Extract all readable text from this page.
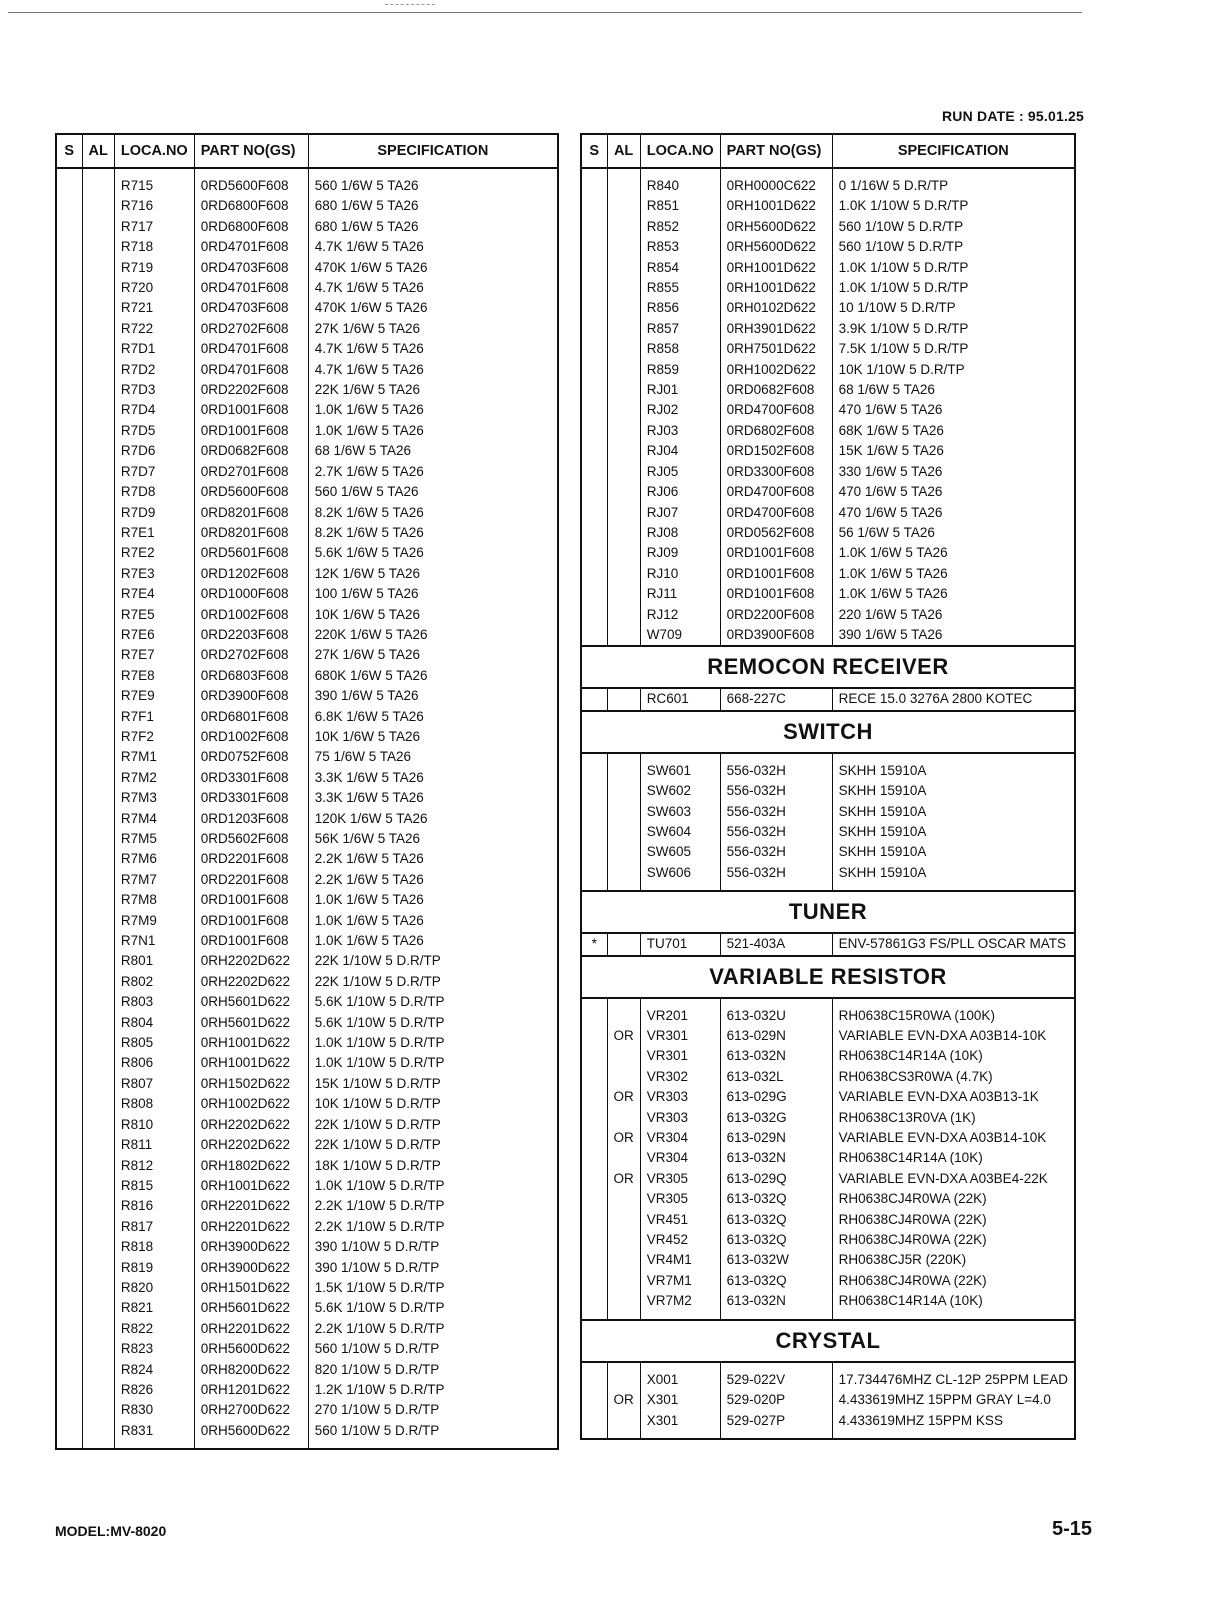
RUN DATE : 95.01.25
S	AL	LOCA.NO	PART NO(GS)	SPECIFICATION

		R715	0RD5600F608	560 1/6W 5 TA26
		R716	0RD6800F608	680 1/6W 5 TA26
		R717	0RD6800F608	680 1/6W 5 TA26
		R718	0RD4701F608	4.7K 1/6W 5 TA26
		R719	0RD4703F608	470K 1/6W 5 TA26
		R720	0RD4701F608	4.7K 1/6W 5 TA26
		R721	0RD4703F608	470K 1/6W 5 TA26
		R722	0RD2702F608	27K 1/6W 5 TA26
		R7D1	0RD4701F608	4.7K 1/6W 5 TA26
		R7D2	0RD4701F608	4.7K 1/6W 5 TA26
		R7D3	0RD2202F608	22K 1/6W 5 TA26
		R7D4	0RD1001F608	1.0K 1/6W 5 TA26
		R7D5	0RD1001F608	1.0K 1/6W 5 TA26
		R7D6	0RD0682F608	68 1/6W 5 TA26
		R7D7	0RD2701F608	2.7K 1/6W 5 TA26
		R7D8	0RD5600F608	560 1/6W 5 TA26
		R7D9	0RD8201F608	8.2K 1/6W 5 TA26
		R7E1	0RD8201F608	8.2K 1/6W 5 TA26
		R7E2	0RD5601F608	5.6K 1/6W 5 TA26
		R7E3	0RD1202F608	12K 1/6W 5 TA26
		R7E4	0RD1000F608	100 1/6W 5 TA26
		R7E5	0RD1002F608	10K 1/6W 5 TA26
		R7E6	0RD2203F608	220K 1/6W 5 TA26
		R7E7	0RD2702F608	27K 1/6W 5 TA26
		R7E8	0RD6803F608	680K 1/6W 5 TA26
		R7E9	0RD3900F608	390 1/6W 5 TA26
		R7F1	0RD6801F608	6.8K 1/6W 5 TA26
		R7F2	0RD1002F608	10K 1/6W 5 TA26
		R7M1	0RD0752F608	75 1/6W 5 TA26
		R7M2	0RD3301F608	3.3K 1/6W 5 TA26
		R7M3	0RD3301F608	3.3K 1/6W 5 TA26
		R7M4	0RD1203F608	120K 1/6W 5 TA26
		R7M5	0RD5602F608	56K 1/6W 5 TA26
		R7M6	0RD2201F608	2.2K 1/6W 5 TA26
		R7M7	0RD2201F608	2.2K 1/6W 5 TA26
		R7M8	0RD1001F608	1.0K 1/6W 5 TA26
		R7M9	0RD1001F608	1.0K 1/6W 5 TA26
		R7N1	0RD1001F608	1.0K 1/6W 5 TA26
		R801	0RH2202D622	22K 1/10W 5 D.R/TP
		R802	0RH2202D622	22K 1/10W 5 D.R/TP
		R803	0RH5601D622	5.6K 1/10W 5 D.R/TP
		R804	0RH5601D622	5.6K 1/10W 5 D.R/TP
		R805	0RH1001D622	1.0K 1/10W 5 D.R/TP
		R806	0RH1001D622	1.0K 1/10W 5 D.R/TP
		R807	0RH1502D622	15K 1/10W 5 D.R/TP
		R808	0RH1002D622	10K 1/10W 5 D.R/TP
		R810	0RH2202D622	22K 1/10W 5 D.R/TP
		R811	0RH2202D622	22K 1/10W 5 D.R/TP
		R812	0RH1802D622	18K 1/10W 5 D.R/TP
		R815	0RH1001D622	1.0K 1/10W 5 D.R/TP
		R816	0RH2201D622	2.2K 1/10W 5 D.R/TP
		R817	0RH2201D622	2.2K 1/10W 5 D.R/TP
		R818	0RH3900D622	390 1/10W 5 D.R/TP
		R819	0RH3900D622	390 1/10W 5 D.R/TP
		R820	0RH1501D622	1.5K 1/10W 5 D.R/TP
		R821	0RH5601D622	5.6K 1/10W 5 D.R/TP
		R822	0RH2201D622	2.2K 1/10W 5 D.R/TP
		R823	0RH5600D622	560 1/10W 5 D.R/TP
		R824	0RH8200D622	820 1/10W 5 D.R/TP
		R826	0RH1201D622	1.2K 1/10W 5 D.R/TP
		R830	0RH2700D622	270 1/10W 5 D.R/TP
		R831	0RH5600D622	560 1/10W 5 D.R/TP

S	AL	LOCA.NO	PART NO(GS)	SPECIFICATION

		R840	0RH0000C622	0 1/16W 5 D.R/TP
		R851	0RH1001D622	1.0K 1/10W 5 D.R/TP
		R852	0RH5600D622	560 1/10W 5 D.R/TP
		R853	0RH5600D622	560 1/10W 5 D.R/TP
		R854	0RH1001D622	1.0K 1/10W 5 D.R/TP
		R855	0RH1001D622	1.0K 1/10W 5 D.R/TP
		R856	0RH0102D622	10 1/10W 5 D.R/TP
		R857	0RH3901D622	3.9K 1/10W 5 D.R/TP
		R858	0RH7501D622	7.5K 1/10W 5 D.R/TP
		R859	0RH1002D622	10K 1/10W 5 D.R/TP
		RJ01	0RD0682F608	68 1/6W 5 TA26
		RJ02	0RD4700F608	470 1/6W 5 TA26
		RJ03	0RD6802F608	68K 1/6W 5 TA26
		RJ04	0RD1502F608	15K 1/6W 5 TA26
		RJ05	0RD3300F608	330 1/6W 5 TA26
		RJ06	0RD4700F608	470 1/6W 5 TA26
		RJ07	0RD4700F608	470 1/6W 5 TA26
		RJ08	0RD0562F608	56 1/6W 5 TA26
		RJ09	0RD1001F608	1.0K 1/6W 5 TA26
		RJ10	0RD1001F608	1.0K 1/6W 5 TA26
		RJ11	0RD1001F608	1.0K 1/6W 5 TA26
		RJ12	0RD2200F608	220 1/6W 5 TA26
		W709	0RD3900F608	390 1/6W 5 TA26
REMOCON RECEIVER				
		RC601	668-227C	RECE 15.0 3276A 2800 KOTEC
SWITCH				

		SW601	556-032H	SKHH 15910A
		SW602	556-032H	SKHH 15910A
		SW603	556-032H	SKHH 15910A
		SW604	556-032H	SKHH 15910A
		SW605	556-032H	SKHH 15910A
		SW606	556-032H	SKHH 15910A

TUNER				
*		TU701	521-403A	ENV-57861G3 FS/PLL OSCAR MATS
VARIABLE RESISTOR				

		VR201	613-032U	RH0638C15R0WA (100K)
	OR	VR301	613-029N	VARIABLE EVN-DXA A03B14-10K
		VR301	613-032N	RH0638C14R14A (10K)
		VR302	613-032L	RH0638CS3R0WA (4.7K)
	OR	VR303	613-029G	VARIABLE EVN-DXA A03B13-1K
		VR303	613-032G	RH0638C13R0VA (1K)
	OR	VR304	613-029N	VARIABLE EVN-DXA A03B14-10K
		VR304	613-032N	RH0638C14R14A (10K)
	OR	VR305	613-029Q	VARIABLE EVN-DXA A03BE4-22K
		VR305	613-032Q	RH0638CJ4R0WA (22K)
		VR451	613-032Q	RH0638CJ4R0WA (22K)
		VR452	613-032Q	RH0638CJ4R0WA (22K)
		VR4M1	613-032W	RH0638CJ5R (220K)
		VR7M1	613-032Q	RH0638CJ4R0WA (22K)
		VR7M2	613-032N	RH0638C14R14A (10K)

CRYSTAL				

		X001	529-022V	17.734476MHZ CL-12P 25PPM LEAD
	OR	X301	529-020P	4.433619MHZ 15PPM GRAY L=4.0
		X301	529-027P	4.433619MHZ 15PPM KSS

MODEL:MV-8020	5-15
